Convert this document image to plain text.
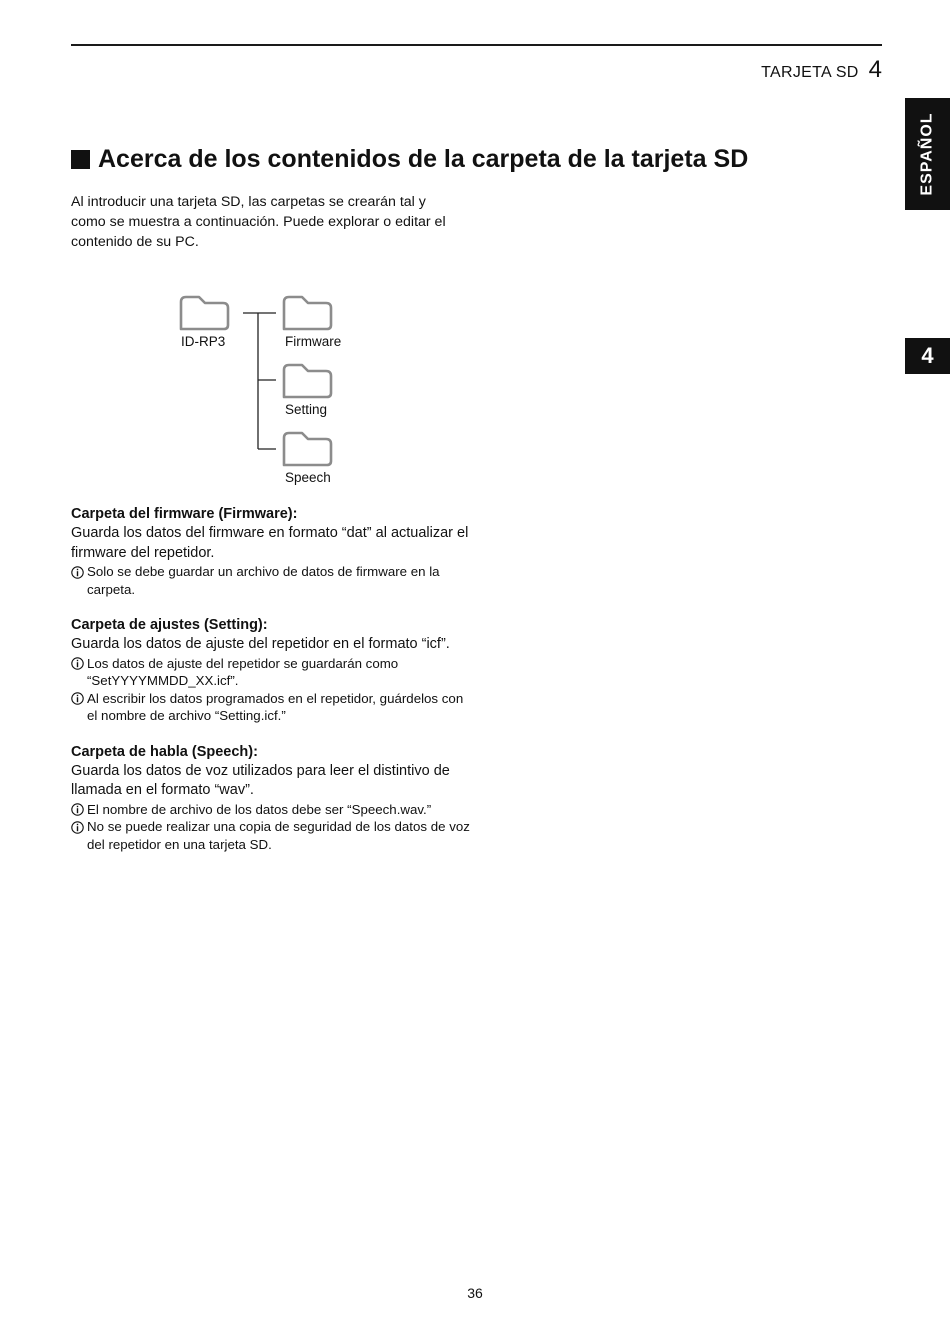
TARJETA SD 4
ESPAÑOL
4
Acerca de los contenidos de la carpeta de la tarjeta SD
Al introducir una tarjeta SD, las carpetas se crearán tal y como se muestra a continuación. Puede explorar o editar el contenido de su PC.
ID-RP3	Firmware
Setting
Speech
Carpeta del firmware (Firmware):
Guarda los datos del firmware en formato “dat” al actualizar el firmware del repetidor.
Solo se debe guardar un archivo de datos de firmware en la carpeta.
Carpeta de ajustes (Setting):
Guarda los datos de ajuste del repetidor en el formato “icf”.
Los datos de ajuste del repetidor se guardarán como “SetYYYYMMDD_XX.icf”.
Al escribir los datos programados en el repetidor, guárdelos con el nombre de archivo “Setting.icf.”
Carpeta de habla (Speech):
Guarda los datos de voz utilizados para leer el distintivo de llamada en el formato “wav”.
El nombre de archivo de los datos debe ser “Speech.wav.”
No se puede realizar una copia de seguridad de los datos de voz del repetidor en una tarjeta SD.
36
